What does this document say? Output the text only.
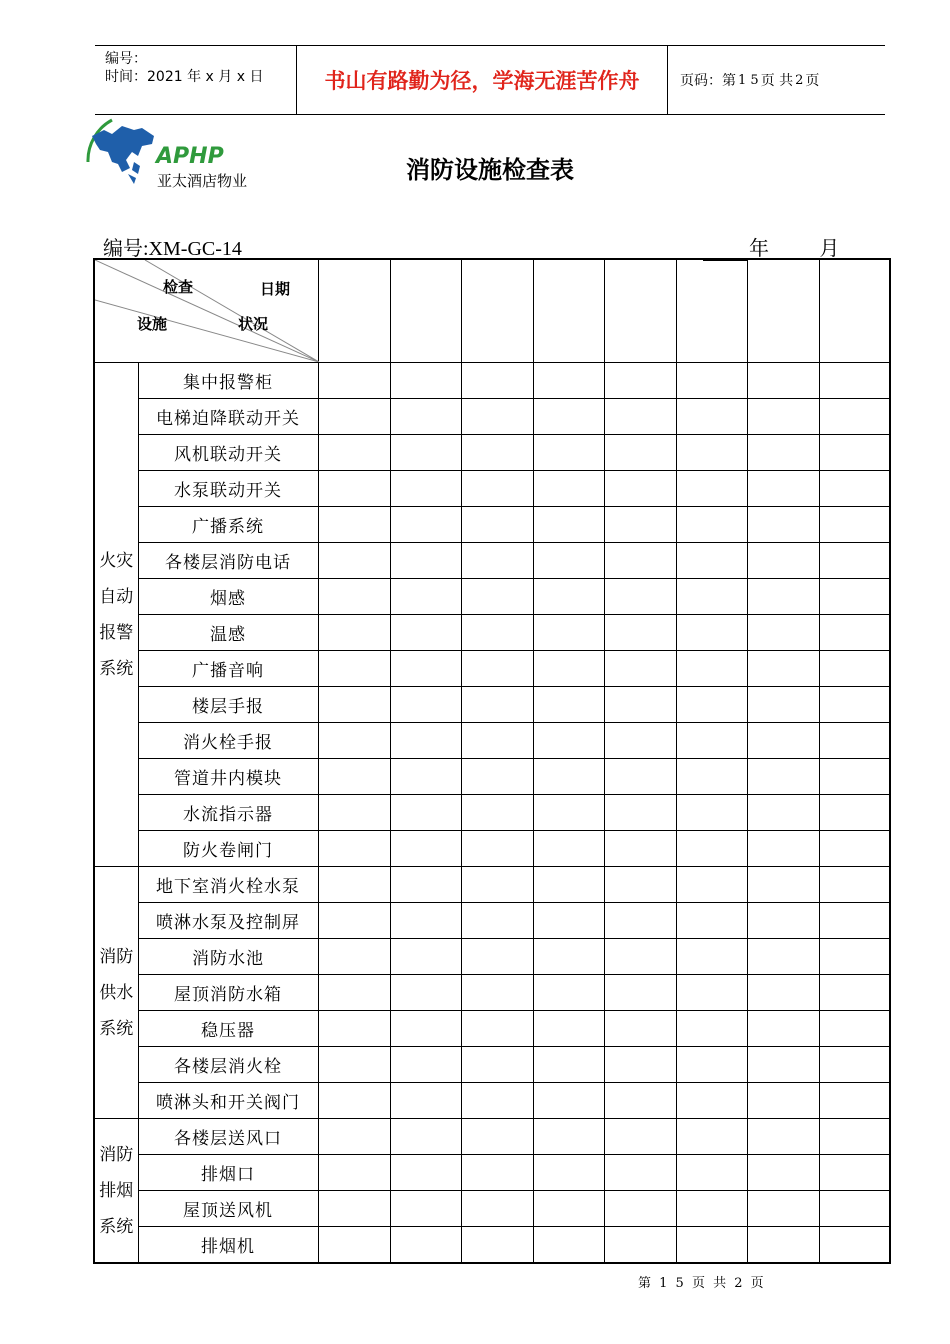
编号：
时间：2021 年 x 月 x 日	书山有路勤为径，学海无涯苦作舟	页码：第 1 5 页 共 2 页
APHP
亚太酒店物业	消防设施检查表
编号:XM-GC-14	年	月
检查 日期
设施 状况									

火灾
自动
报警
系统	集中报警柜								
	电梯迫降联动开关								
	风机联动开关								
	水泵联动开关								
	广播系统								
	各楼层消防电话								
	烟感								
	温感								
	广播音响								
	楼层手报								
	消火栓手报								
	管道井内模块								
	水流指示器								
	防火卷闸门								

消防
供水
系统	地下室消火栓水泵								
	喷淋水泵及控制屏								
	消防水池								
	屋顶消防水箱								
	稳压器								
	各楼层消火栓								
	喷淋头和开关阀门								

消防
排烟
系统	各楼层送风口								
	排烟口								
	屋顶送风机								
	排烟机								
第 1 5 页 共 2 页
